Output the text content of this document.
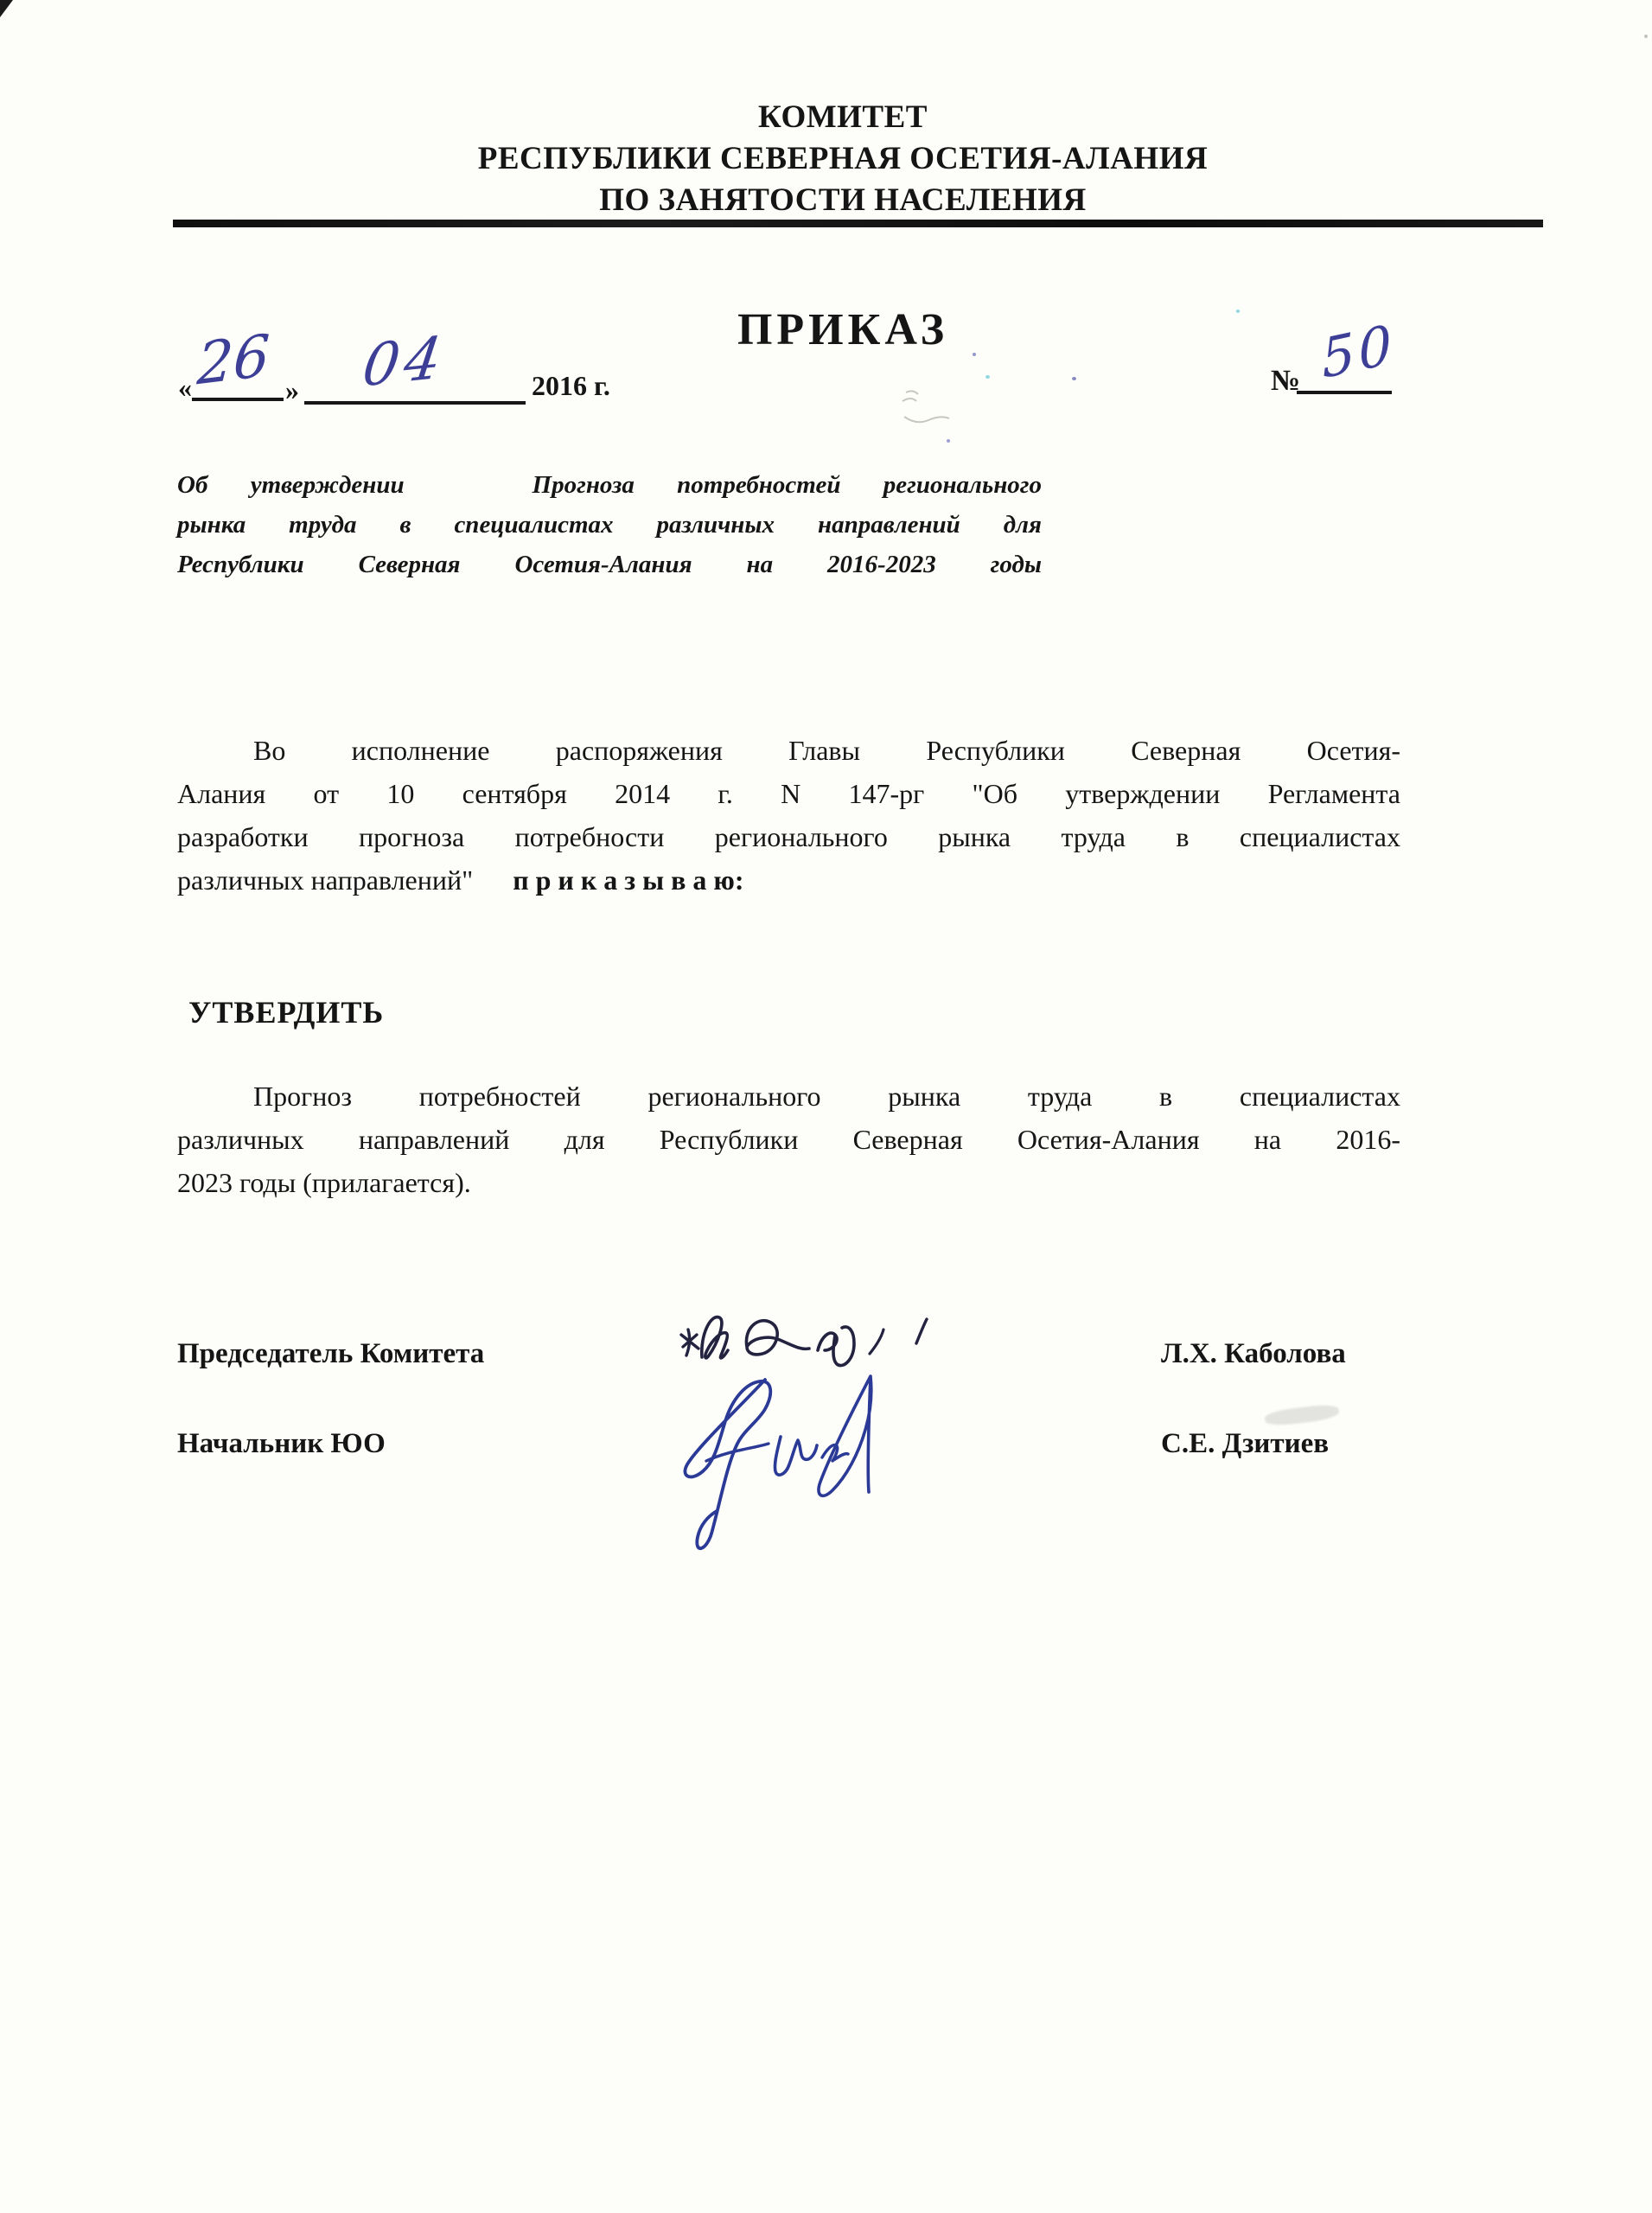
КОМИТЕТ
РЕСПУБЛИКИ СЕВЕРНАЯ ОСЕТИЯ-АЛАНИЯ
ПО ЗАНЯТОСТИ НАСЕЛЕНИЯ
ПРИКАЗ
« 26 » 04	2016 г.	№ 50
Об утверждении   Прогноза потребностей регионального
рынка труда в специалистах различных направлений для
Республики Северная Осетия-Алания на 2016-2023 годы
Во исполнение распоряжения Главы Республики Северная Осетия-
Алания от 10 сентября 2014 г. N 147-рг "Об утверждении Регламента
разработки прогноза потребности регионального рынка труда в специалистах
различных направлений" п р и к а з ы в а ю:
УТВЕРДИТЬ
Прогноз потребностей регионального рынка труда в специалистах
различных направлений для Республики Северная Осетия-Алания на 2016-
2023 годы (прилагается).
Председатель Комитета	Л.Х. Каболова
Начальник ЮО	С.Е. Дзитиев
